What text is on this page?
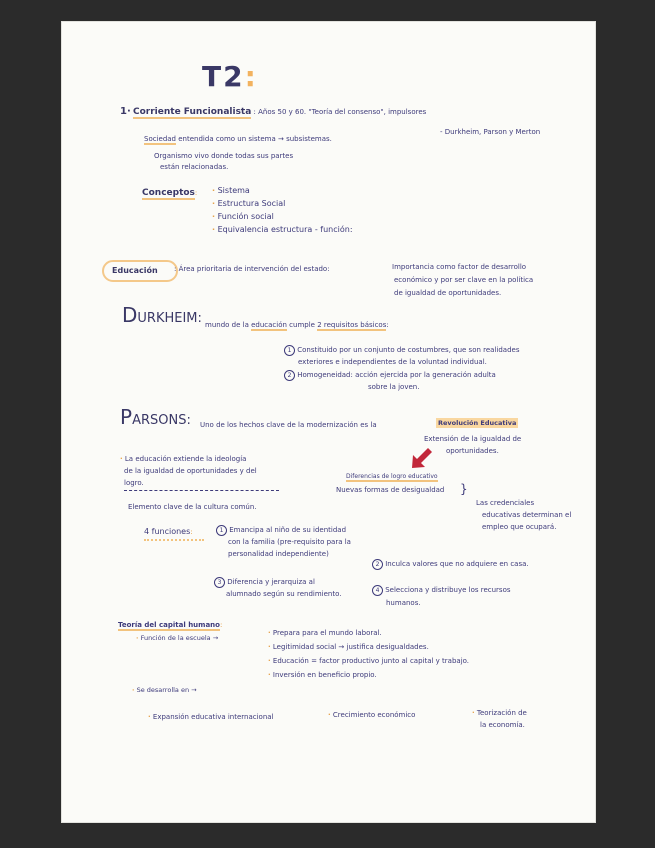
T2:
1· Corriente Funcionalista : Años 50 y 60. "Teoría del consenso", impulsores
- Durkheim, Parson y Merton
Sociedad entendida como un sistema → subsistemas.
Organismo vivo donde todas sus partes
están relacionadas.
Conceptos: · Sistema
· Estructura Social
· Función social
· Equivalencia estructura - función:
Educación : Área prioritaria de intervención del estado:	Importancia como factor de desarrollo
económico y por ser clave en la política
de igualdad de oportunidades.
DURKHEIM: mundo de la educación cumple 2 requisitos básicos:
1 Constituido por un conjunto de costumbres, que son realidades
exteriores e independientes de la voluntad individual.
2 Homogeneidad: acción ejercida por la generación adulta
sobre la joven.
PARSONS: Uno de los hechos clave de la modernización es la	Revolución Educativa
Extensión de la igualdad de
oportunidades.
· La educación extiende la ideología
de la igualdad de oportunidades y del
logro.
Diferencias de logro educativo
Nuevas formas de desigualdad }
Las credenciales
educativas determinan el
empleo que ocupará.
Elemento clave de la cultura común.
4 funciones:	1 Emancipa al niño de su identidad
con la familia (pre-requisito para la
personalidad independiente)
2 Inculca valores que no adquiere en casa.
3 Diferencia y jerarquiza al
alumnado según su rendimiento.	4 Selecciona y distribuye los recursos
humanos.
Teoría del capital humano:
· Función de la escuela →
· Prepara para el mundo laboral.
· Legitimidad social → justifica desigualdades.
· Educación = factor productivo junto al capital y trabajo.
· Inversión en beneficio propio.
· Se desarrolla en →
· Expansión educativa internacional	· Crecimiento económico	· Teorización de
la economía.
